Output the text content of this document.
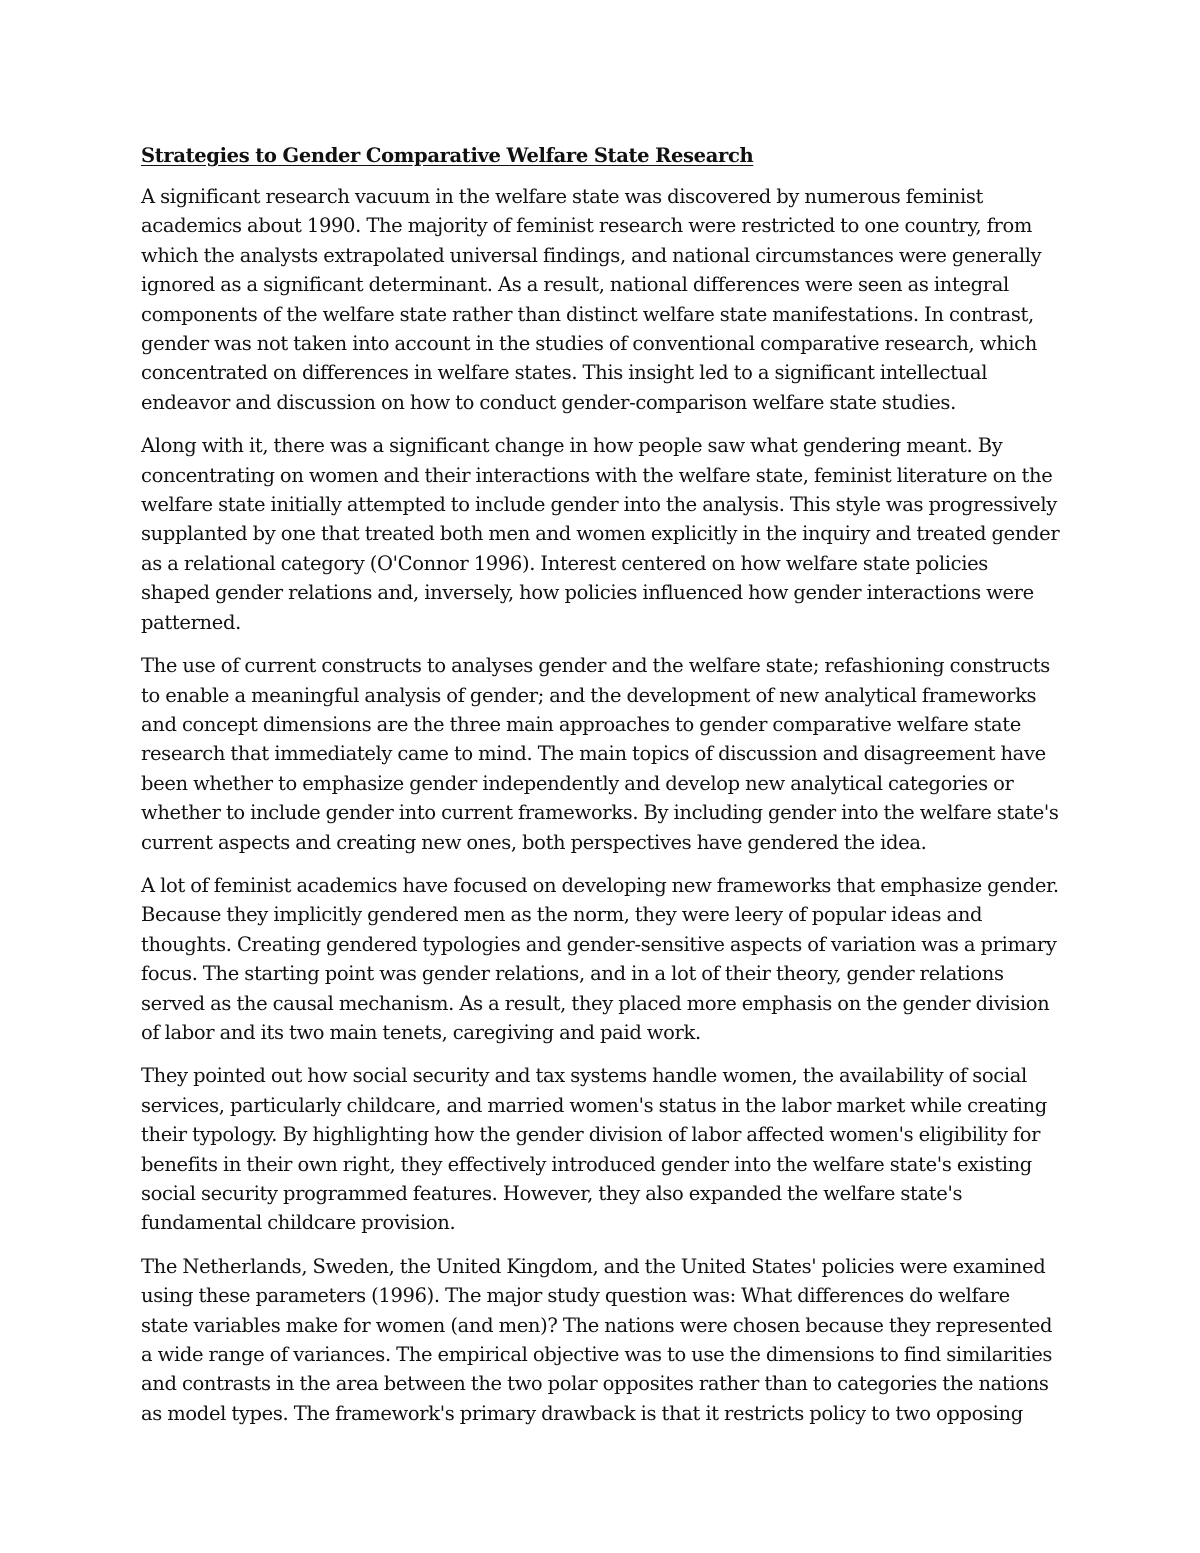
Strategies to Gender Comparative Welfare State Research

A significant research vacuum in the welfare state was discovered by numerous feminist academics about 1990. The majority of feminist research were restricted to one country, from which the analysts extrapolated universal findings, and national circumstances were generally ignored as a significant determinant. As a result, national differences were seen as integral components of the welfare state rather than distinct welfare state manifestations. In contrast, gender was not taken into account in the studies of conventional comparative research, which concentrated on differences in welfare states. This insight led to a significant intellectual endeavor and discussion on how to conduct gender-comparison welfare state studies.

Along with it, there was a significant change in how people saw what gendering meant. By concentrating on women and their interactions with the welfare state, feminist literature on the welfare state initially attempted to include gender into the analysis. This style was progressively supplanted by one that treated both men and women explicitly in the inquiry and treated gender as a relational category (O'Connor 1996). Interest centered on how welfare state policies shaped gender relations and, inversely, how policies influenced how gender interactions were patterned.

The use of current constructs to analyses gender and the welfare state; refashioning constructs to enable a meaningful analysis of gender; and the development of new analytical frameworks and concept dimensions are the three main approaches to gender comparative welfare state research that immediately came to mind. The main topics of discussion and disagreement have been whether to emphasize gender independently and develop new analytical categories or whether to include gender into current frameworks. By including gender into the welfare state's current aspects and creating new ones, both perspectives have gendered the idea.

A lot of feminist academics have focused on developing new frameworks that emphasize gender. Because they implicitly gendered men as the norm, they were leery of popular ideas and thoughts. Creating gendered typologies and gender-sensitive aspects of variation was a primary focus. The starting point was gender relations, and in a lot of their theory, gender relations served as the causal mechanism. As a result, they placed more emphasis on the gender division of labor and its two main tenets, caregiving and paid work.

They pointed out how social security and tax systems handle women, the availability of social services, particularly childcare, and married women's status in the labor market while creating their typology. By highlighting how the gender division of labor affected women's eligibility for benefits in their own right, they effectively introduced gender into the welfare state's existing social security programmed features. However, they also expanded the welfare state's fundamental childcare provision.

The Netherlands, Sweden, the United Kingdom, and the United States' policies were examined using these parameters (1996). The major study question was: What differences do welfare state variables make for women (and men)? The nations were chosen because they represented a wide range of variances. The empirical objective was to use the dimensions to find similarities and contrasts in the area between the two polar opposites rather than to categories the nations as model types. The framework's primary drawback is that it restricts policy to two opposing
